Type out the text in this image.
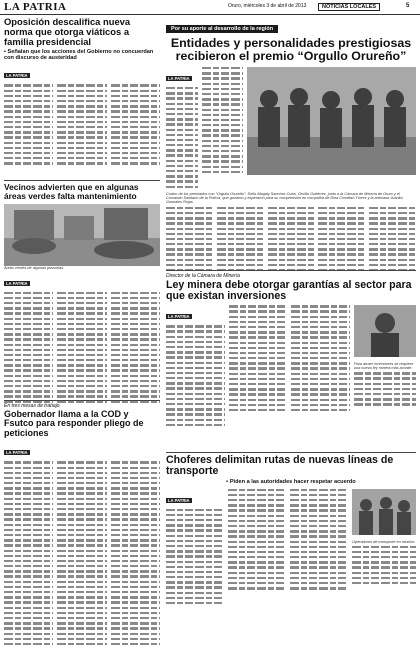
LA PATRIA	Oruro, miércoles 3 de abril de 2013	NOTICIAS LOCALES	5
Oposición descalifica nueva norma que otorga viáticos a familia presidencial
▪ Señalan que los acciones del Gobierno no concuerdan con discurso de austeridad
LA PATRIA
Vecinos advierten que en algunas áreas verdes falta mantenimiento
Áreas verdes de algunas plazuelas.
LA PATRIA
En tres mesas de trabajo
Gobernador llama a la COD y Fsutco para responder pliego de peticiones
LA PATRIA
Por su aporte al desarrollo de la región
Entidades y personalidades prestigiosas recibieron el premio “Orgullo Orureño”
LA PATRIA
Cuatro de los premiados con “Orgullo Orureño”, Sofía Magaly Sanchez Cuba, Cecilio Gutiérrez, junto a la Cámara de Minería de Oruro y el Comando Sanitario de la Policía, que gozaron y esperaron para su comprensión en compañía de Dina Conditaó Tórrez y la artesana Juanita Gonzales Rojas.
Director de la Cámara de Minería
Ley minera debe otorgar garantías al sector para que existan inversiones
LA PATRIA
Para atraer inversiones se requiere una nueva ley minera más acorde.
Choferes delimitan rutas de nuevas líneas de transporte
▪ Piden a las autoridades hacer respetar acuerdo
LA PATRIA
Operadores de transporte en reunión.
